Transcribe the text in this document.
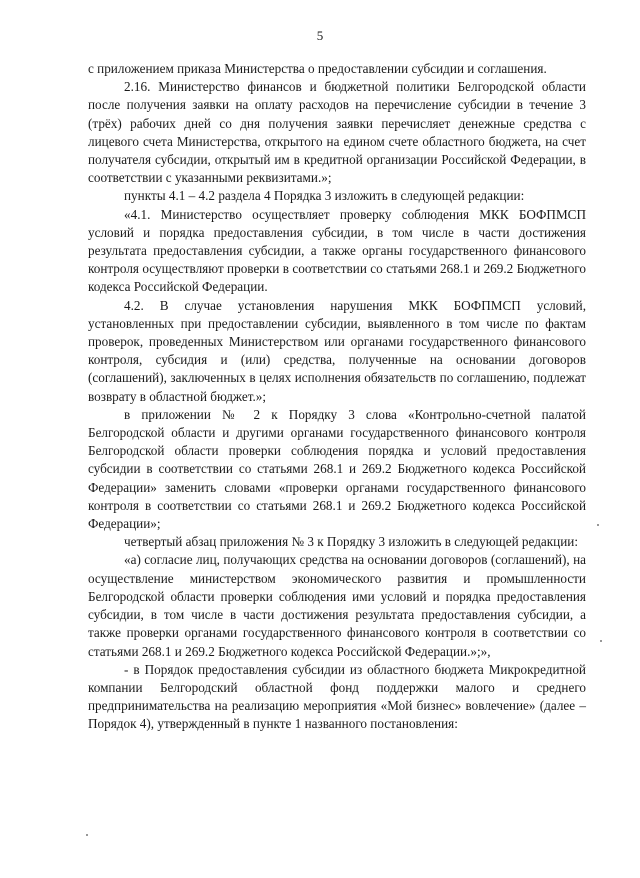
5

с приложением приказа Министерства о предоставлении субсидии и соглашения.

2.16. Министерство финансов и бюджетной политики Белгородской области после получения заявки на оплату расходов на перечисление субсидии в течение 3 (трёх) рабочих дней со дня получения заявки перечисляет денежные средства с лицевого счета Министерства, открытого на едином счете областного бюджета, на счет получателя субсидии, открытый им в кредитной организации Российской Федерации, в соответствии с указанными реквизитами.»;

пункты 4.1 – 4.2 раздела 4 Порядка 3 изложить в следующей редакции:

«4.1. Министерство осуществляет проверку соблюдения МКК БОФПМСП условий и порядка предоставления субсидии, в том числе в части достижения результата предоставления субсидии, а также органы государственного финансового контроля осуществляют проверки в соответствии со статьями 268.1 и 269.2 Бюджетного кодекса Российской Федерации.

4.2. В случае установления нарушения МКК БОФПМСП условий, установленных при предоставлении субсидии, выявленного в том числе по фактам проверок, проведенных Министерством или органами государственного финансового контроля, субсидия и (или) средства, полученные на основании договоров (соглашений), заключенных в целях исполнения обязательств по соглашению, подлежат возврату в областной бюджет.»;

в приложении № 2 к Порядку 3 слова «Контрольно-счетной палатой Белгородской области и другими органами государственного финансового контроля Белгородской области проверки соблюдения порядка и условий предоставления субсидии в соответствии со статьями 268.1 и 269.2 Бюджетного кодекса Российской Федерации» заменить словами «проверки органами государственного финансового контроля в соответствии со статьями 268.1 и 269.2 Бюджетного кодекса Российской Федерации»;

четвертый абзац приложения № 3 к Порядку 3 изложить в следующей редакции:

«а) согласие лиц, получающих средства на основании договоров (соглашений), на осуществление министерством экономического развития и промышленности Белгородской области проверки соблюдения ими условий и порядка предоставления субсидии, в том числе в части достижения результата предоставления субсидии, а также проверки органами государственного финансового контроля в соответствии со статьями 268.1 и 269.2 Бюджетного кодекса Российской Федерации.»;»,

- в Порядок предоставления субсидии из областного бюджета Микрокредитной компании Белгородский областной фонд поддержки малого и среднего предпринимательства на реализацию мероприятия «Мой бизнес» вовлечение» (далее – Порядок 4), утвержденный в пункте 1 названного постановления:
